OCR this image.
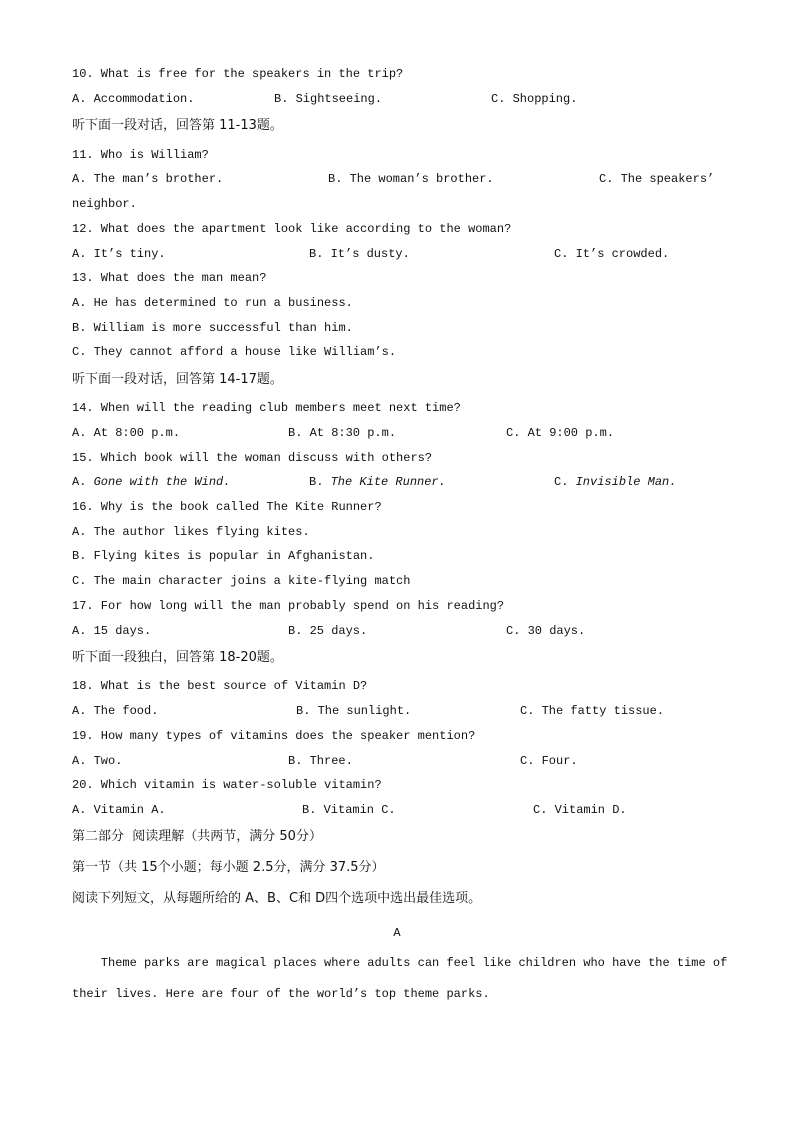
10. What is free for the speakers in the trip?
A. Accommodation.	B. Sightseeing.	C. Shopping.
听下面一段对话，回答第 11-13题。
11. Who is William?
A. The man’s brother.	B. The woman’s brother.	C. The speakers’
neighbor.
12. What does the apartment look like according to the woman?
A. It’s tiny.	B. It’s dusty.	C. It’s crowded.
13. What does the man mean?
A. He has determined to run a business.
B. William is more successful than him.
C. They cannot afford a house like William’s.
听下面一段对话，回答第 14-17题。
14. When will the reading club members meet next time?
A. At 8:00 p.m.	B. At 8:30 p.m.	C. At 9:00 p.m.
15. Which book will the woman discuss with others?
A. Gone with the Wind.	B. The Kite Runner.	C. Invisible Man.
16. Why is the book called The Kite Runner?
A. The author likes flying kites.
B. Flying kites is popular in Afghanistan.
C. The main character joins a kite-flying match
17. For how long will the man probably spend on his reading?
A. 15 days.	B. 25 days.	C. 30 days.
听下面一段独白，回答第 18-20题。
18. What is the best source of Vitamin D?
A. The food.	B. The sunlight.	C. The fatty tissue.
19. How many types of vitamins does the speaker mention?
A. Two.	B. Three.	C. Four.
20. Which vitamin is water-soluble vitamin?
A. Vitamin A.	B. Vitamin C.	C. Vitamin D.
第二部分  阅读理解（共两节，满分 50分）
第一节（共 15个小题；每小题 2.5分，满分 37.5分）
阅读下列短文，从每题所给的 A、B、C和 D四个选项中选出最佳选项。
A
Theme parks are magical places where adults can feel like children who have the time of
their lives. Here are four of the world’s top theme parks.
